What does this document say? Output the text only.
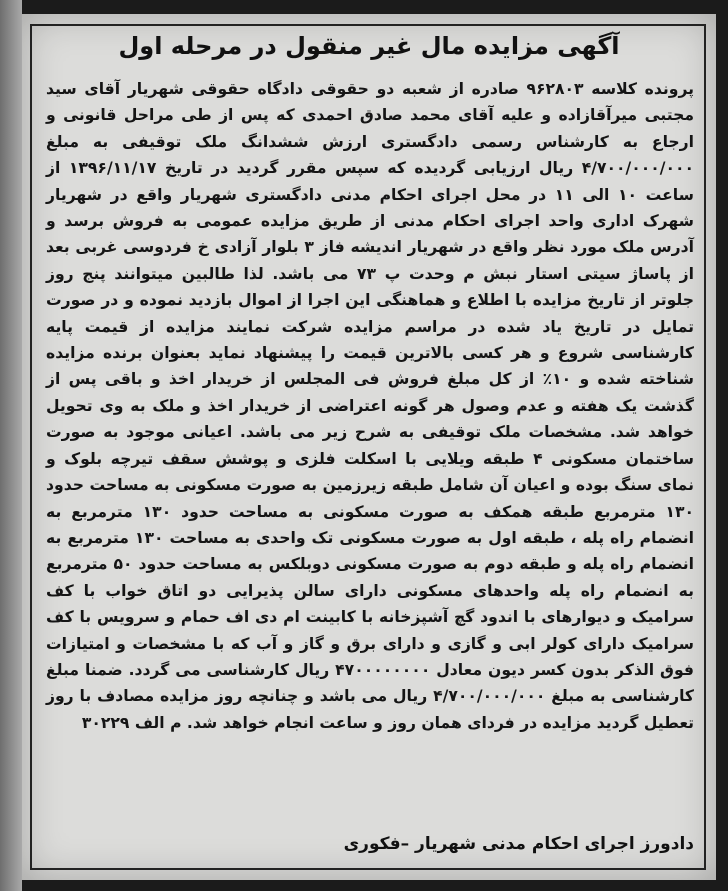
آگهی مزایده مال غیر منقول در مرحله اول

پرونده کلاسه ۹۶۲۸۰۳ صادره از شعبه دو حقوقی دادگاه حقوقی شهریار آقای سید مجتبی میرآقازاده و علیه آقای محمد صادق احمدی که پس از طی مراحل قانونی و ارجاع به کارشناس رسمی دادگستری ارزش ششدانگ ملک توقیفی به مبلغ ۴/۷۰۰/۰۰۰/۰۰۰ ریال ارزیابی گردیده که سپس مقرر گردید در تاریخ ۱۳۹۶/۱۱/۱۷ از ساعت ۱۰ الی ۱۱ در محل اجرای احکام مدنی دادگستری شهریار واقع در شهریار شهرک اداری واحد اجرای احکام مدنی از طریق مزایده عمومی به فروش برسد و آدرس ملک مورد نظر واقع در شهریار اندیشه فاز ۳ بلوار آزادی خ فردوسی غربی بعد از پاساژ سیتی استار نبش م وحدت پ ۷۳ می باشد. لذا طالبین میتوانند پنج روز جلوتر از تاریخ مزایده با اطلاع و هماهنگی این اجرا از اموال بازدید نموده و در صورت تمایل در تاریخ یاد شده در مراسم مزایده شرکت نمایند مزایده از قیمت پایه کارشناسی شروع و هر کسی بالاترین قیمت را پیشنهاد نماید بعنوان برنده مزایده شناخته شده و ۱۰٪ از کل مبلغ فروش فی المجلس از خریدار اخذ و باقی پس از گذشت یک هفته و عدم وصول هر گونه اعتراضی از خریدار اخذ و ملک به وی تحویل خواهد شد. مشخصات ملک توقیفی به شرح زیر می باشد. اعیانی موجود به صورت ساختمان مسکونی ۴ طبقه ویلایی با اسکلت فلزی و پوشش سقف تیرچه بلوک و نمای سنگ بوده و اعیان آن شامل طبقه زیرزمین به صورت مسکونی به مساحت حدود ۱۳۰ مترمربع طبقه همکف به صورت مسکونی به مساحت حدود ۱۳۰ مترمربع به انضمام راه پله ، طبقه اول به صورت مسکونی تک واحدی به مساحت ۱۳۰ مترمربع به انضمام راه پله و طبقه دوم به صورت مسکونی دوبلکس به مساحت حدود ۵۰ مترمربع به انضمام راه پله واحدهای مسکونی دارای سالن پذیرایی دو اتاق خواب با کف سرامیک و دیوارهای با اندود گچ آشپزخانه با کابینت ام دی اف حمام و سرویس با کف سرامیک دارای کولر ابی و گازی و دارای برق و گاز و آب که با مشخصات و امتیازات فوق الذکر بدون کسر دیون معادل ۴۷۰۰۰۰۰۰۰۰ ریال کارشناسی می گردد. ضمنا مبلغ کارشناسی به مبلغ ۴/۷۰۰/۰۰۰/۰۰۰ ریال می باشد و چنانچه روز مزایده مصادف با روز تعطیل گردید مزایده در فردای همان روز و ساعت انجام خواهد شد. م الف ۳۰۲۲۹

دادورز اجرای احکام مدنی شهریار –فکوری
